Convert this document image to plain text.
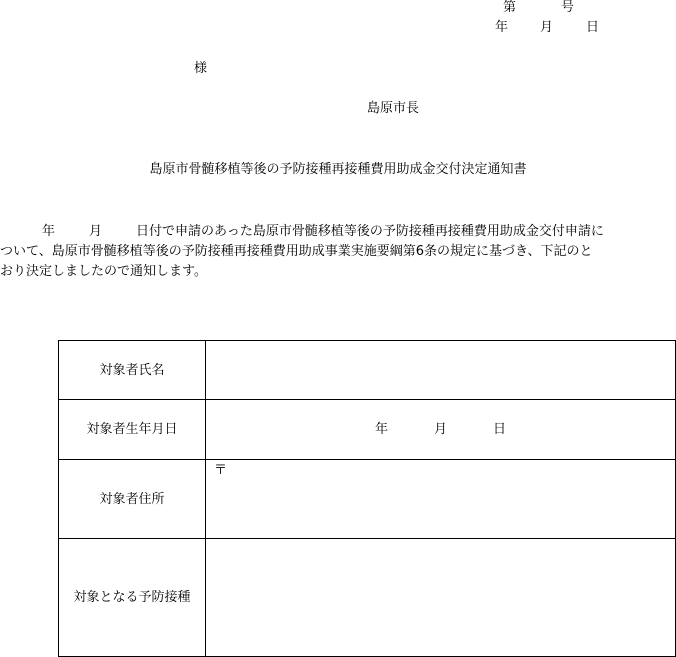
第	号
年 月	日
様
島原市長
島原市骨髄移植等後の予防接種再接種費用助成金交付決定通知書
年	月	日付で申請のあった島原市骨髄移植等後の予防接種再接種費用助成金交付申請に
ついて、島原市骨髄移植等後の予防接種再接種費用助成事業実施要綱第6条の規定に基づき、下記のと
おり決定しましたので通知します。
対象者氏名	
対象者生年月日	年 月 日
対象者住所	〒

対象となる予防接種	
